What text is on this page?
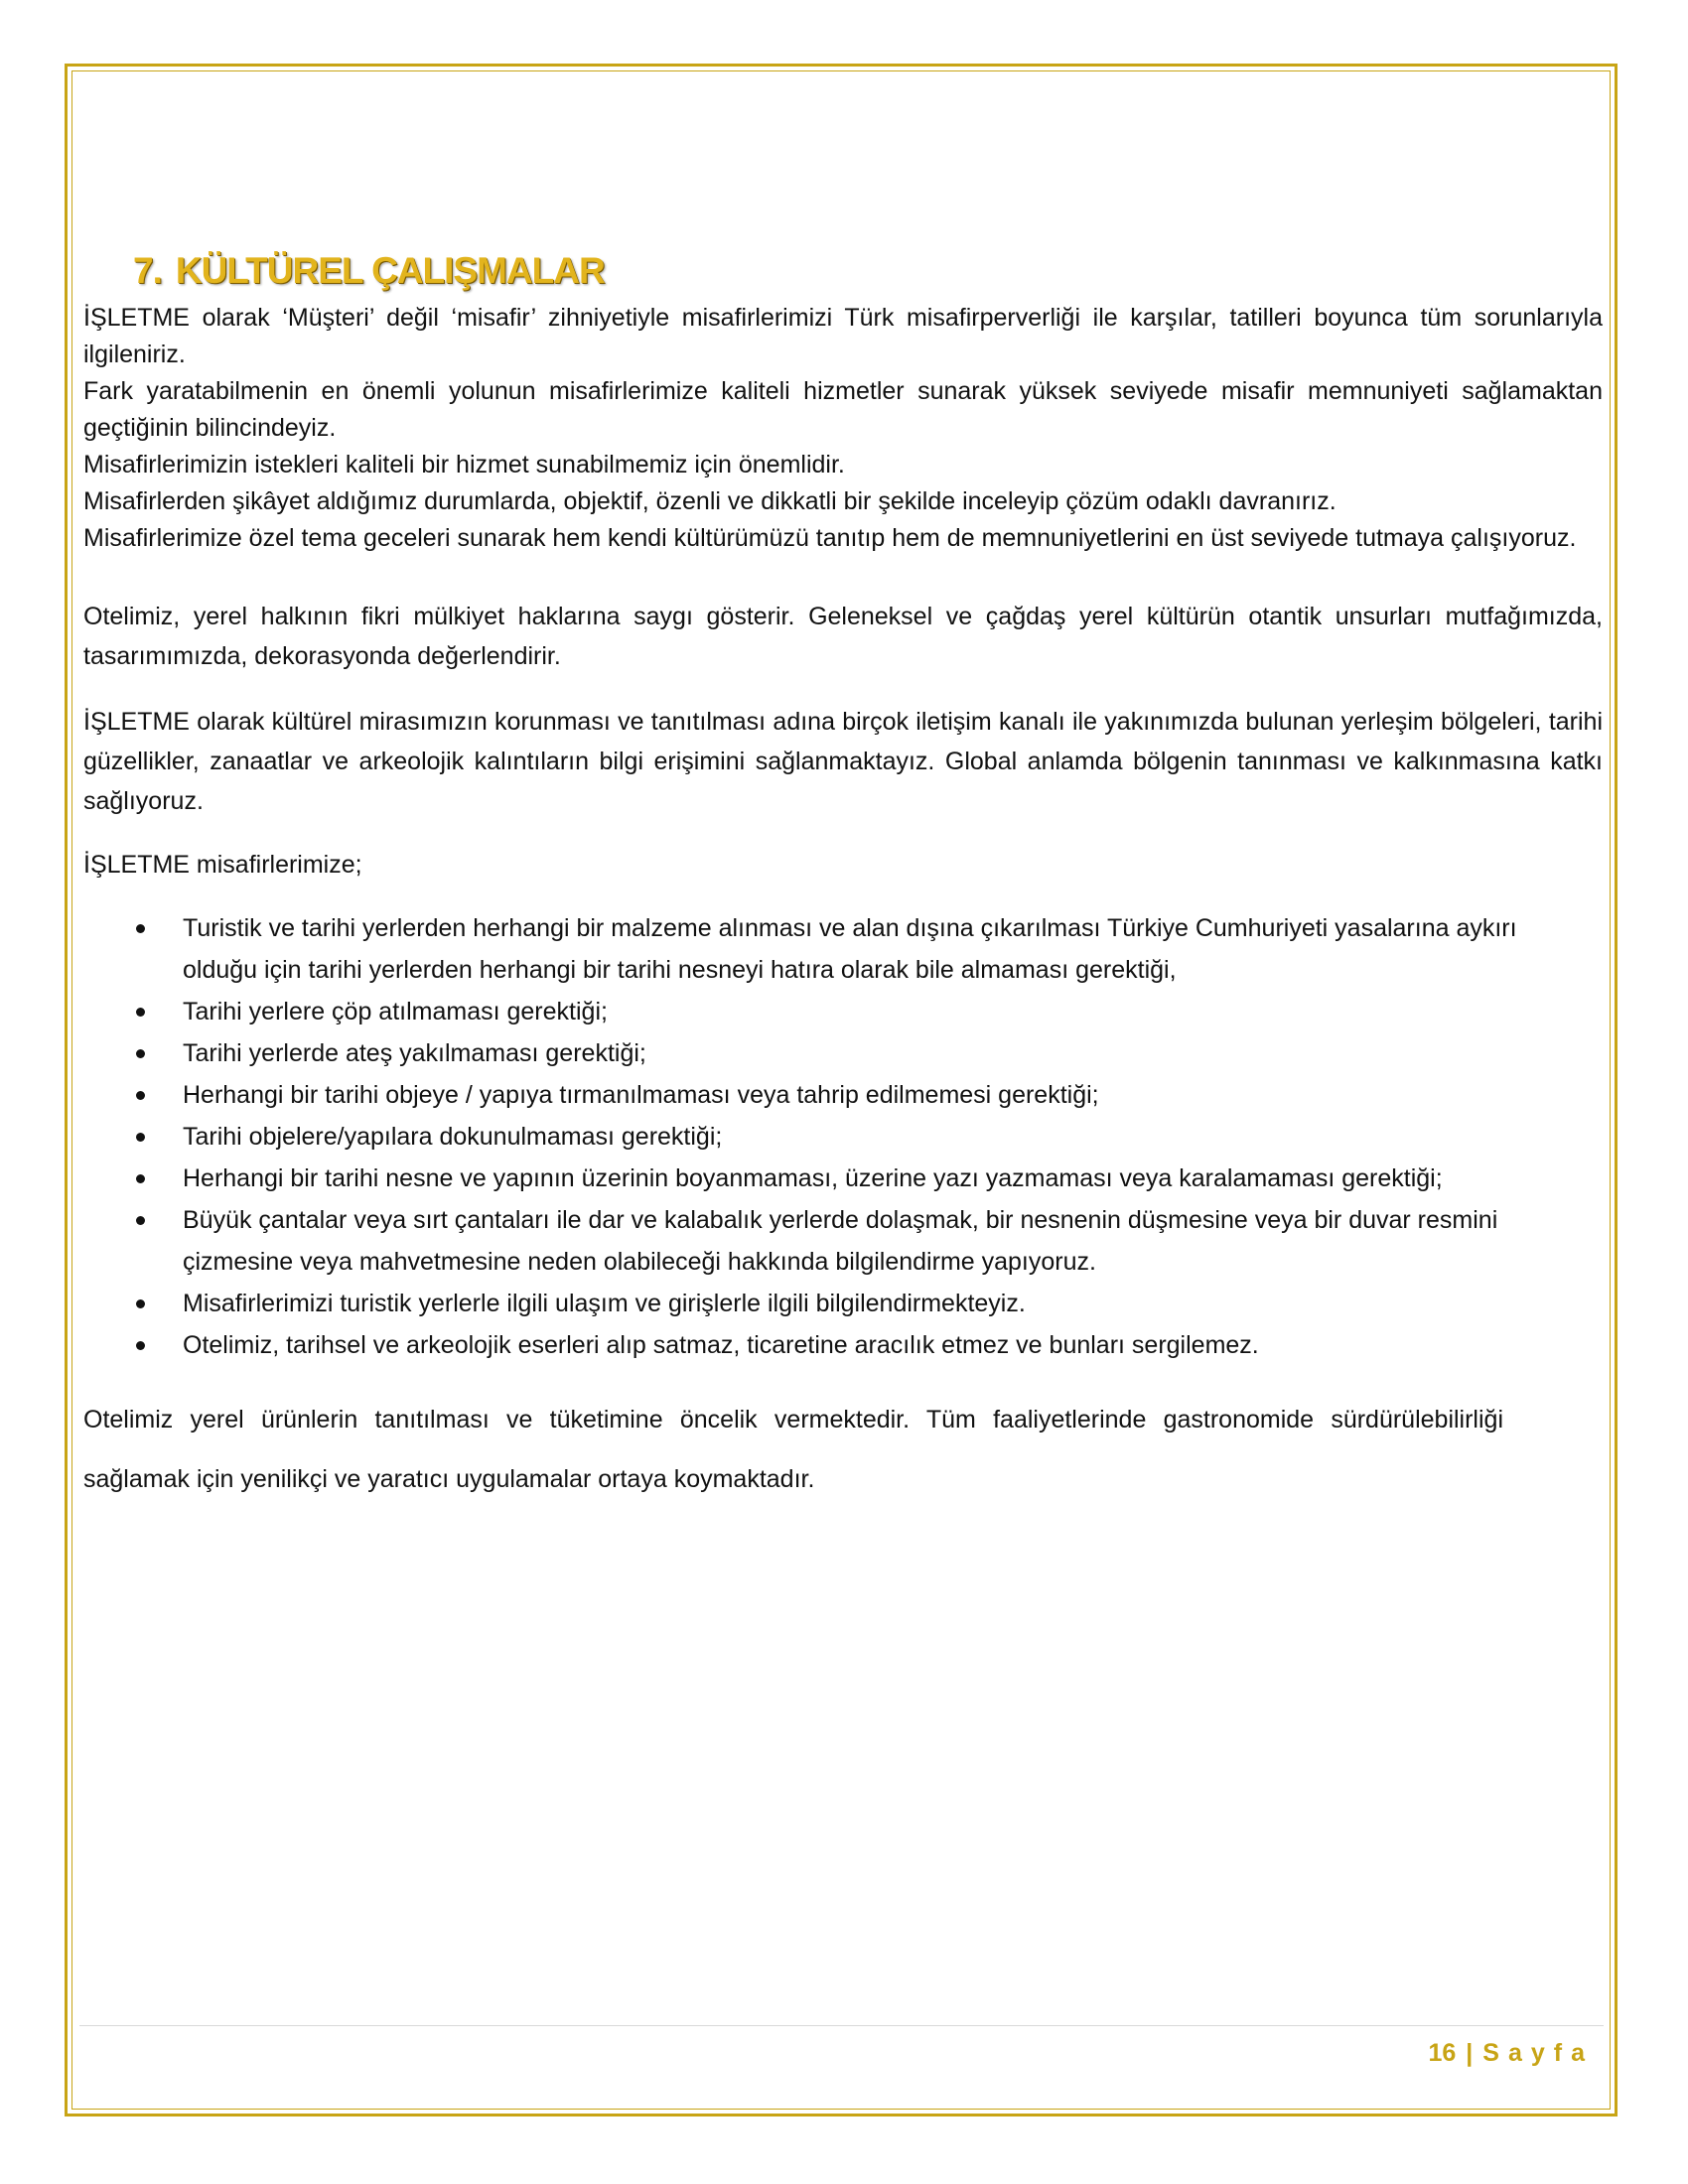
7. KÜLTÜREL ÇALIŞMALAR

İŞLETME olarak ‘Müşteri’ değil ‘misafir’ zihniyetiyle misafirlerimizi Türk misafirperverliği ile karşılar, tatilleri boyunca tüm sorunlarıyla ilgileniriz.

Fark yaratabilmenin en önemli yolunun misafirlerimize kaliteli hizmetler sunarak yüksek seviyede misafir memnuniyeti sağlamaktan geçtiğinin bilincindeyiz.

Misafirlerimizin istekleri kaliteli bir hizmet sunabilmemiz için önemlidir.

Misafirlerden şikâyet aldığımız durumlarda, objektif, özenli ve dikkatli bir şekilde inceleyip çözüm odaklı davranırız.

Misafirlerimize özel tema geceleri sunarak hem kendi kültürümüzü tanıtıp hem de memnuniyetlerini en üst seviyede tutmaya çalışıyoruz.

Otelimiz, yerel halkının fikri mülkiyet haklarına saygı gösterir. Geleneksel ve çağdaş yerel kültürün otantik unsurları mutfağımızda, tasarımımızda, dekorasyonda değerlendirir.

İŞLETME olarak kültürel mirasımızın korunması ve tanıtılması adına birçok iletişim kanalı ile yakınımızda bulunan yerleşim bölgeleri, tarihi güzellikler, zanaatlar ve arkeolojik kalıntıların bilgi erişimini sağlanmaktayız. Global anlamda bölgenin tanınması ve kalkınmasına katkı sağlıyoruz.

İŞLETME misafirlerimize;

Turistik ve tarihi yerlerden herhangi bir malzeme alınması ve alan dışına çıkarılması Türkiye Cumhuriyeti yasalarına aykırı olduğu için tarihi yerlerden herhangi bir tarihi nesneyi hatıra olarak bile almaması gerektiği,
Tarihi yerlere çöp atılmaması gerektiği;
Tarihi yerlerde ateş yakılmaması gerektiği;
Herhangi bir tarihi objeye / yapıya tırmanılmaması veya tahrip edilmemesi gerektiği;
Tarihi objelere/yapılara dokunulmaması gerektiği;
Herhangi bir tarihi nesne ve yapının üzerinin boyanmaması, üzerine yazı yazmaması veya karalamaması gerektiği;
Büyük çantalar veya sırt çantaları ile dar ve kalabalık yerlerde dolaşmak, bir nesnenin düşmesine veya bir duvar resmini çizmesine veya mahvetmesine neden olabileceği hakkında bilgilendirme yapıyoruz.
Misafirlerimizi turistik yerlerle ilgili ulaşım ve girişlerle ilgili bilgilendirmekteyiz.
Otelimiz, tarihsel ve arkeolojik eserleri alıp satmaz, ticaretine aracılık etmez ve bunları sergilemez.

Otelimiz yerel ürünlerin tanıtılması ve tüketimine öncelik vermektedir. Tüm faaliyetlerinde gastronomide sürdürülebilirliği sağlamak için yenilikçi ve yaratıcı uygulamalar ortaya koymaktadır.

16 | Sayfa
